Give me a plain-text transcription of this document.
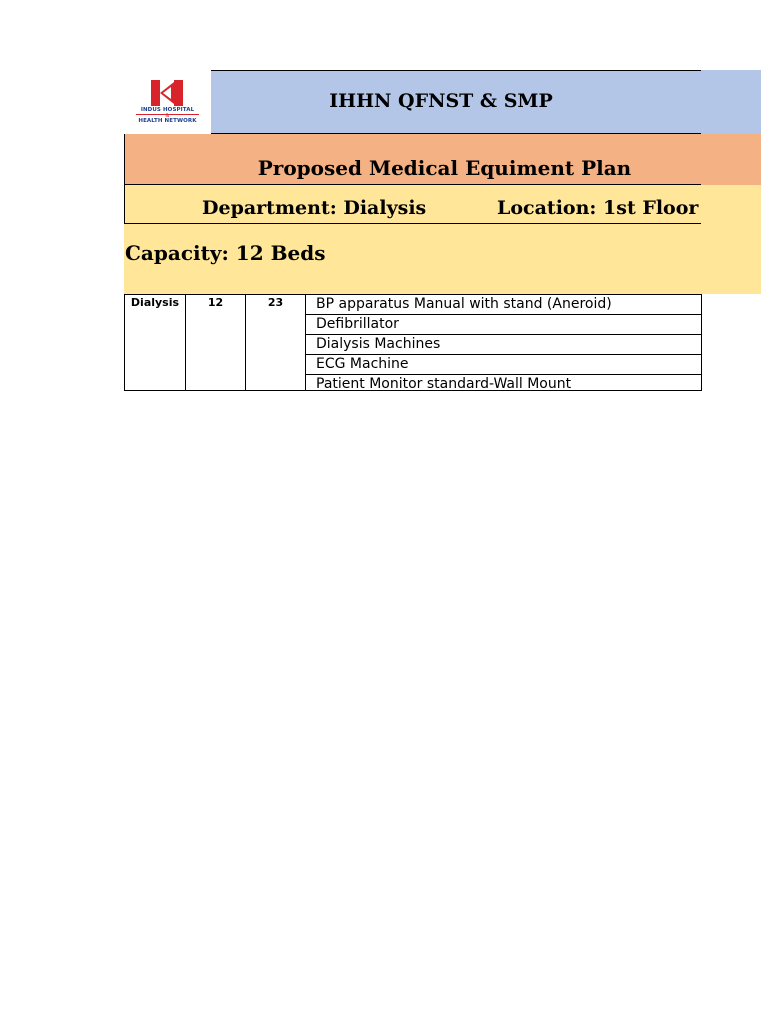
INDUS HOSPITAL
&
HEALTH NETWORK
IHHN QFNST & SMP
Proposed Medical Equiment Plan
Department: Dialysis	Location: 1st Floor
Capacity: 12 Beds
Dialysis	12	23	BP apparatus Manual with stand (Aneroid)
Defibrillator
Dialysis Machines
ECG Machine
Patient Monitor standard-Wall Mount
